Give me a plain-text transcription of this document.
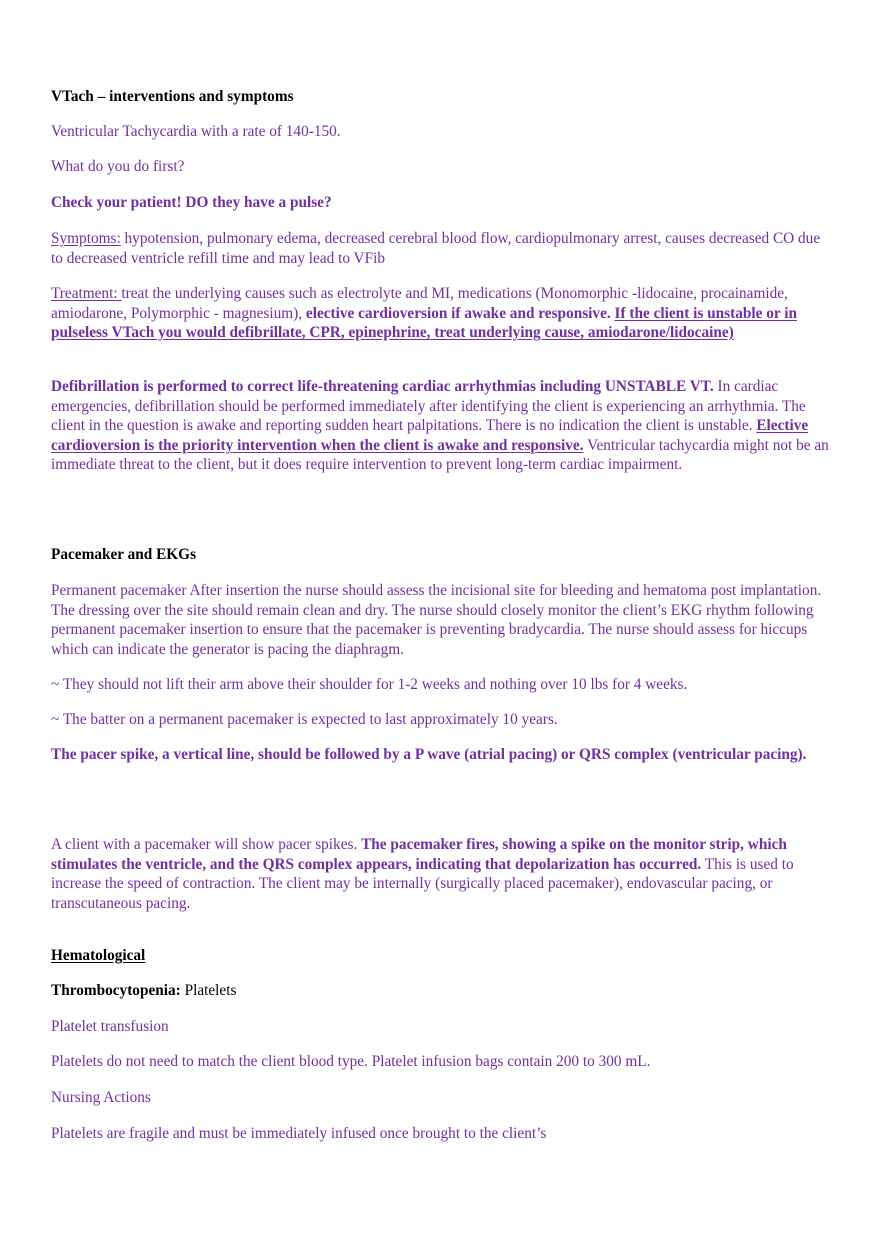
VTach – interventions and symptoms

Ventricular Tachycardia with a rate of 140-150.

What do you do first?

Check your patient! DO they have a pulse?

Symptoms: hypotension, pulmonary edema, decreased cerebral blood flow, cardiopulmonary arrest, causes decreased CO due to decreased ventricle refill time and may lead to VFib

Treatment: treat the underlying causes such as electrolyte and MI, medications (Monomorphic -lidocaine, procainamide, amiodarone, Polymorphic - magnesium), elective cardioversion if awake and responsive. If the client is unstable or in pulseless VTach you would defibrillate, CPR, epinephrine, treat underlying cause, amiodarone/lidocaine)

Defibrillation is performed to correct life-threatening cardiac arrhythmias including UNSTABLE VT. In cardiac emergencies, defibrillation should be performed immediately after identifying the client is experiencing an arrhythmia. The client in the question is awake and reporting sudden heart palpitations. There is no indication the client is unstable. Elective cardioversion is the priority intervention when the client is awake and responsive. Ventricular tachycardia might not be an immediate threat to the client, but it does require intervention to prevent long-term cardiac impairment.

Pacemaker and EKGs

Permanent pacemaker After insertion the nurse should assess the incisional site for bleeding and hematoma post implantation. The dressing over the site should remain clean and dry. The nurse should closely monitor the client’s EKG rhythm following permanent pacemaker insertion to ensure that the pacemaker is preventing bradycardia. The nurse should assess for hiccups which can indicate the generator is pacing the diaphragm.

~ They should not lift their arm above their shoulder for 1-2 weeks and nothing over 10 lbs for 4 weeks.

~ The batter on a permanent pacemaker is expected to last approximately 10 years.

The pacer spike, a vertical line, should be followed by a P wave (atrial pacing) or QRS complex (ventricular pacing).

A client with a pacemaker will show pacer spikes. The pacemaker fires, showing a spike on the monitor strip, which stimulates the ventricle, and the QRS complex appears, indicating that depolarization has occurred. This is used to increase the speed of contraction. The client may be internally (surgically placed pacemaker), endovascular pacing, or transcutaneous pacing.

Hematological

Thrombocytopenia: Platelets

Platelet transfusion

Platelets do not need to match the client blood type. Platelet infusion bags contain 200 to 300 mL.

Nursing Actions

Platelets are fragile and must be immediately infused once brought to the client’s
